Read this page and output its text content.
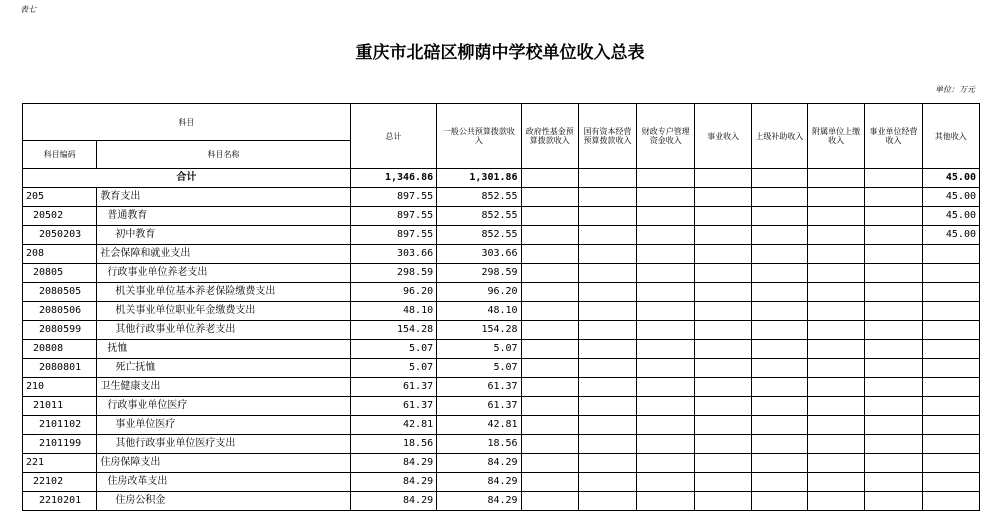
表七
重庆市北碚区柳荫中学校单位收入总表
单位：万元
科目		总计	一般公共预算拨款收入	政府性基金预算拨款收入	国有资本经营预算拨款收入	财政专户管理资金收入	事业收入	上级补助收入	附属单位上缴收入	事业单位经营收入	其他收入
科目编码	科目名称										
合计		1,346.86	1,301.86								45.00
205	教育支出	897.55	852.55								45.00
20502	普通教育	897.55	852.55								45.00
2050203	初中教育	897.55	852.55								45.00
208	社会保障和就业支出	303.66	303.66								
20805	行政事业单位养老支出	298.59	298.59								
2080505	机关事业单位基本养老保险缴费支出	96.20	96.20								
2080506	机关事业单位职业年金缴费支出	48.10	48.10								
2080599	其他行政事业单位养老支出	154.28	154.28								
20808	抚恤	5.07	5.07								
2080801	死亡抚恤	5.07	5.07								
210	卫生健康支出	61.37	61.37								
21011	行政事业单位医疗	61.37	61.37								
2101102	事业单位医疗	42.81	42.81								
2101199	其他行政事业单位医疗支出	18.56	18.56								
221	住房保障支出	84.29	84.29								
22102	住房改革支出	84.29	84.29								
2210201	住房公积金	84.29	84.29								
